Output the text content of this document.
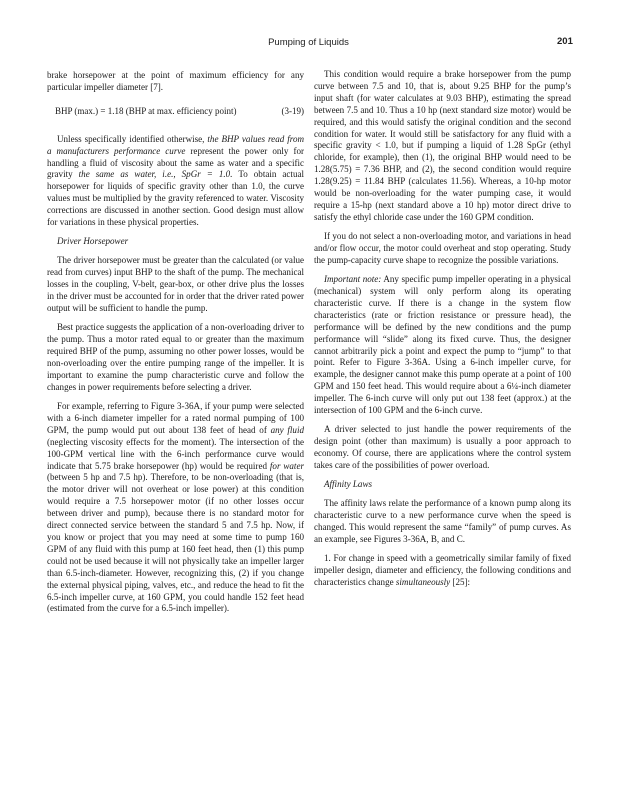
Pumping of Liquids	201

brake horsepower at the point of maximum efficiency for any particular impeller diameter [7].

BHP (max.) = 1.18 (BHP at max. efficiency point)	(3-19)

Unless specifically identified otherwise, the BHP values read from a manufacturers performance curve represent the power only for handling a fluid of viscosity about the same as water and a specific gravity the same as water, i.e., SpGr = 1.0. To obtain actual horsepower for liquids of specific gravity other than 1.0, the curve values must be multiplied by the gravity referenced to water. Viscosity corrections are discussed in another section. Good design must allow for variations in these physical properties.

Driver Horsepower

The driver horsepower must be greater than the calculated (or value read from curves) input BHP to the shaft of the pump. The mechanical losses in the coupling, V-belt, gear-box, or other drive plus the losses in the driver must be accounted for in order that the driver rated power output will be sufficient to handle the pump.

Best practice suggests the application of a non-overloading driver to the pump. Thus a motor rated equal to or greater than the maximum required BHP of the pump, assuming no other power losses, would be non-overloading over the entire pumping range of the impeller. It is important to examine the pump characteristic curve and follow the changes in power requirements before selecting a driver.

For example, referring to Figure 3-36A, if your pump were selected with a 6-inch diameter impeller for a rated normal pumping of 100 GPM, the pump would put out about 138 feet of head of any fluid (neglecting viscosity effects for the moment). The intersection of the 100-GPM vertical line with the 6-inch performance curve would indicate that 5.75 brake horsepower (hp) would be required for water (between 5 hp and 7.5 hp). Therefore, to be non-overloading (that is, the motor driver will not overheat or lose power) at this condition would require a 7.5 horsepower motor (if no other losses occur between driver and pump), because there is no standard motor for direct connected service between the standard 5 and 7.5 hp. Now, if you know or project that you may need at some time to pump 160 GPM of any fluid with this pump at 160 feet head, then (1) this pump could not be used because it will not physically take an impeller larger than 6.5-inch-diameter. However, recognizing this, (2) if you change the external physical piping, valves, etc., and reduce the head to fit the 6.5-inch impeller curve, at 160 GPM, you could handle 152 feet head (estimated from the curve for a 6.5-inch impeller).

This condition would require a brake horsepower from the pump curve between 7.5 and 10, that is, about 9.25 BHP for the pump’s input shaft (for water calculates at 9.03 BHP), estimating the spread between 7.5 and 10. Thus a 10 hp (next standard size motor) would be required, and this would satisfy the original condition and the second condition for water. It would still be satisfactory for any fluid with a specific gravity < 1.0, but if pumping a liquid of 1.28 SpGr (ethyl chloride, for example), then (1), the original BHP would need to be 1.28(5.75) = 7.36 BHP, and (2), the second condition would require 1.28(9.25) = 11.84 BHP (calculates 11.56). Whereas, a 10-hp motor would be non-overloading for the water pumping case, it would require a 15-hp (next standard above a 10 hp) motor direct drive to satisfy the ethyl chloride case under the 160 GPM condition.

If you do not select a non-overloading motor, and variations in head and/or flow occur, the motor could overheat and stop operating. Study the pump-capacity curve shape to recognize the possible variations.

Important note: Any specific pump impeller operating in a physical (mechanical) system will only perform along its operating characteristic curve. If there is a change in the system flow characteristics (rate or friction resistance or pressure head), the performance will be defined by the new conditions and the pump performance will “slide” along its fixed curve. Thus, the designer cannot arbitrarily pick a point and expect the pump to “jump” to that point. Refer to Figure 3-36A. Using a 6-inch impeller curve, for example, the designer cannot make this pump operate at a point of 100 GPM and 150 feet head. This would require about a 6¼-inch diameter impeller. The 6-inch curve will only put out 138 feet (approx.) at the intersection of 100 GPM and the 6-inch curve.

A driver selected to just handle the power requirements of the design point (other than maximum) is usually a poor approach to economy. Of course, there are applications where the control system takes care of the possibilities of power overload.

Affinity Laws

The affinity laws relate the performance of a known pump along its characteristic curve to a new performance curve when the speed is changed. This would represent the same “family” of pump curves. As an example, see Figures 3-36A, B, and C.

1. For change in speed with a geometrically similar family of fixed impeller design, diameter and efficiency, the following conditions and characteristics change simultaneously [25]:
